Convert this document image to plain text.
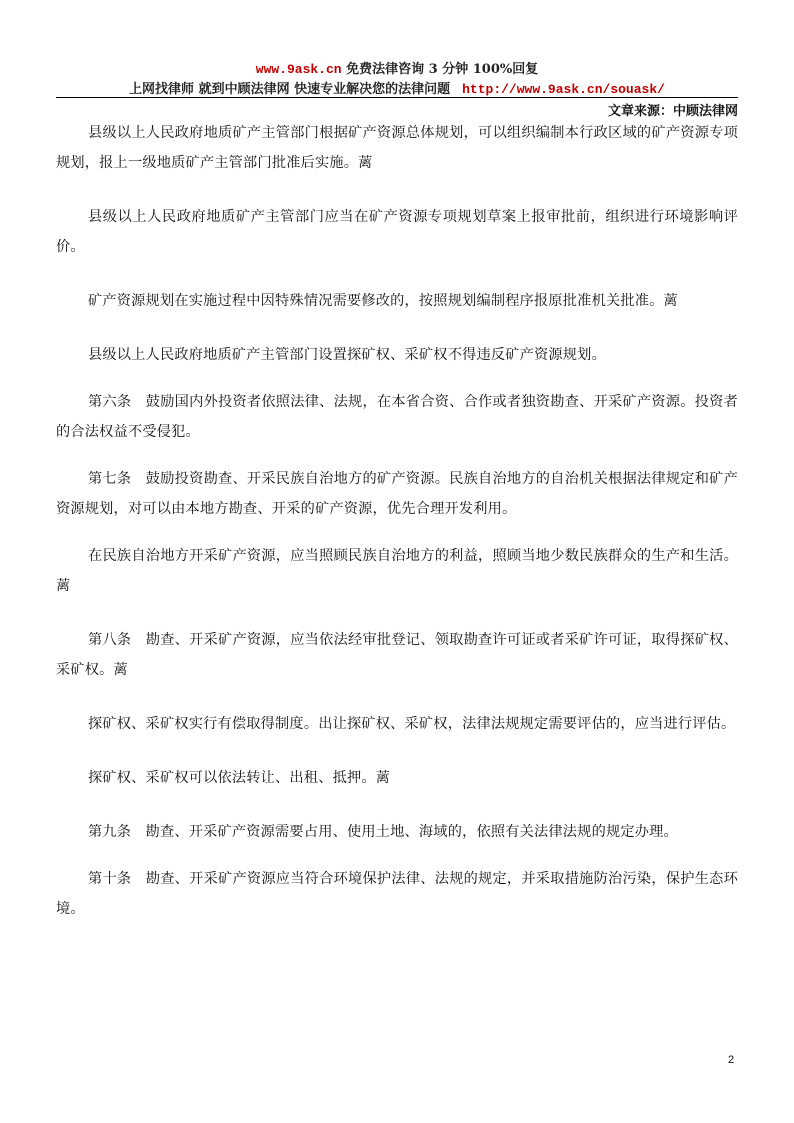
www.9ask.cn 免费法律咨询 3 分钟 100%回复
上网找律师 就到中顾法律网 快速专业解决您的法律问题 http://www.9ask.cn/souask/
文章来源：中顾法律网

县级以上人民政府地质矿产主管部门根据矿产资源总体规划，可以组织编制本行政区域的矿产资源专项规划，报上一级地质矿产主管部门批准后实施。蓠

县级以上人民政府地质矿产主管部门应当在矿产资源专项规划草案上报审批前，组织进行环境影响评价。

矿产资源规划在实施过程中因特殊情况需要修改的，按照规划编制程序报原批准机关批准。蓠

县级以上人民政府地质矿产主管部门设置探矿权、采矿权不得违反矿产资源规划。

第六条　鼓励国内外投资者依照法律、法规，在本省合资、合作或者独资勘查、开采矿产资源。投资者的合法权益不受侵犯。

第七条　鼓励投资勘查、开采民族自治地方的矿产资源。民族自治地方的自治机关根据法律规定和矿产资源规划，对可以由本地方勘查、开采的矿产资源，优先合理开发利用。

在民族自治地方开采矿产资源，应当照顾民族自治地方的利益，照顾当地少数民族群众的生产和生活。蓠

第八条　勘查、开采矿产资源，应当依法经审批登记、领取勘查许可证或者采矿许可证，取得探矿权、采矿权。蓠

探矿权、采矿权实行有偿取得制度。出让探矿权、采矿权，法律法规规定需要评估的，应当进行评估。

探矿权、采矿权可以依法转让、出租、抵押。蓠

第九条　勘查、开采矿产资源需要占用、使用土地、海域的，依照有关法律法规的规定办理。

第十条　勘查、开采矿产资源应当符合环境保护法律、法规的规定，并采取措施防治污染，保护生态环境。

2
